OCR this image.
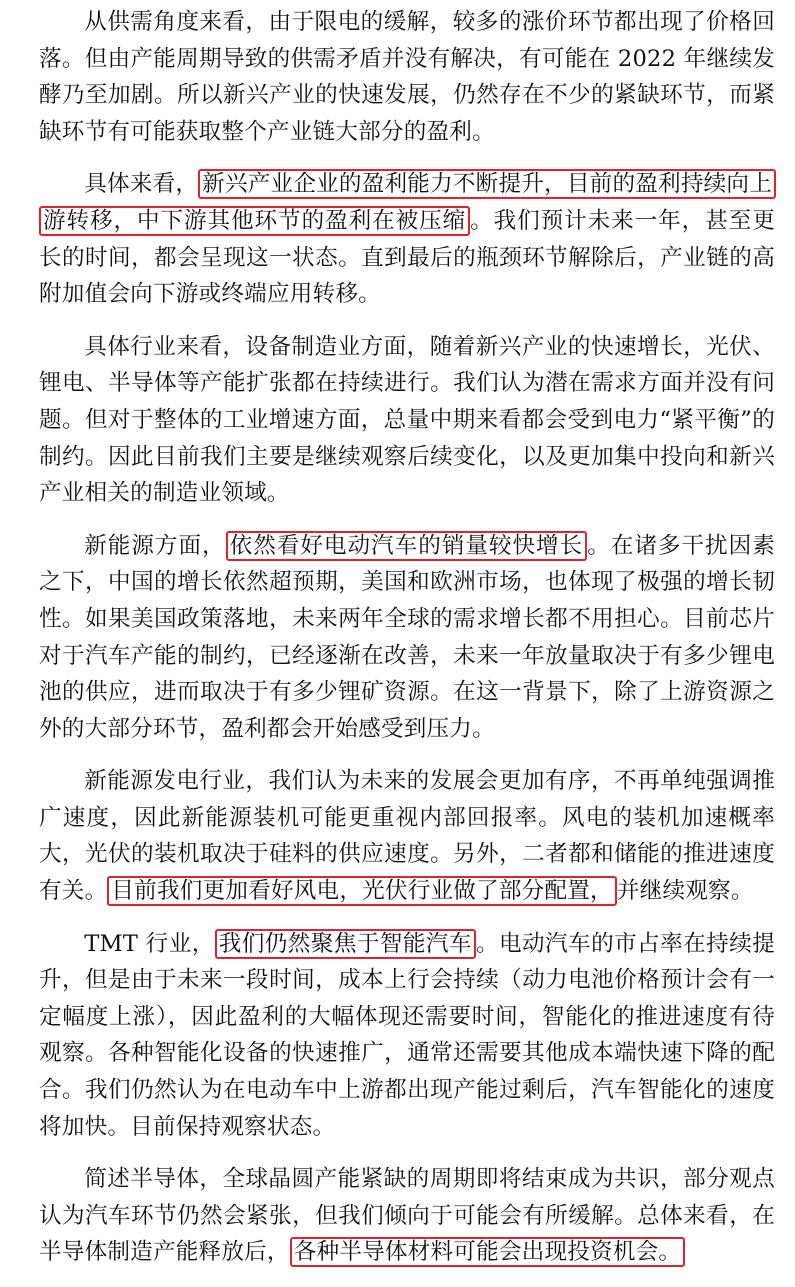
从供需角度来看，由于限电的缓解，较多的涨价环节都出现了价格回落。但由产能周期导致的供需矛盾并没有解决，有可能在 2022 年继续发酵乃至加剧。所以新兴产业的快速发展，仍然存在不少的紧缺环节，而紧缺环节有可能获取整个产业链大部分的盈利。

具体来看， 新兴产业企业的盈利能力不断提升，目前的盈利持续向上游转移，中下游其他环节的盈利在被压缩 。我们预计未来一年，甚至更长的时间，都会呈现这一状态。直到最后的瓶颈环节解除后，产业链的高附加值会向下游或终端应用转移。

具体行业来看，设备制造业方面，随着新兴产业的快速增长，光伏、锂电、半导体等产能扩张都在持续进行。我们认为潜在需求方面并没有问题。但对于整体的工业增速方面，总量中期来看都会受到电力“紧平衡”的制约。因此目前我们主要是继续观察后续变化，以及更加集中投向和新兴产业相关的制造业领域。

新能源方面， 依然看好电动汽车的销量较快增长 。在诸多干扰因素之下，中国的增长依然超预期，美国和欧洲市场，也体现了极强的增长韧性。如果美国政策落地，未来两年全球的需求增长都不用担心。目前芯片对于汽车产能的制约，已经逐渐在改善，未来一年放量取决于有多少锂电池的供应，进而取决于有多少锂矿资源。在这一背景下，除了上游资源之外的大部分环节，盈利都会开始感受到压力。

新能源发电行业，我们认为未来的发展会更加有序，不再单纯强调推广速度，因此新能源装机可能更重视内部回报率。风电的装机加速概率大，光伏的装机取决于硅料的供应速度。另外，二者都和储能的推进速度有关。 目前我们更加看好风电，光伏行业做了部分配置， 并继续观察。

TMT 行业， 我们仍然聚焦于智能汽车 。电动汽车的市占率在持续提升，但是由于未来一段时间，成本上行会持续（动力电池价格预计会有一定幅度上涨），因此盈利的大幅体现还需要时间，智能化的推进速度有待观察。各种智能化设备的快速推广，通常还需要其他成本端快速下降的配合。我们仍然认为在电动车中上游都出现产能过剩后，汽车智能化的速度将加快。目前保持观察状态。

简述半导体，全球晶圆产能紧缺的周期即将结束成为共识，部分观点认为汽车环节仍然会紧张，但我们倾向于可能会有所缓解。总体来看，在半导体制造产能释放后， 各种半导体材料可能会出现投资机会。
